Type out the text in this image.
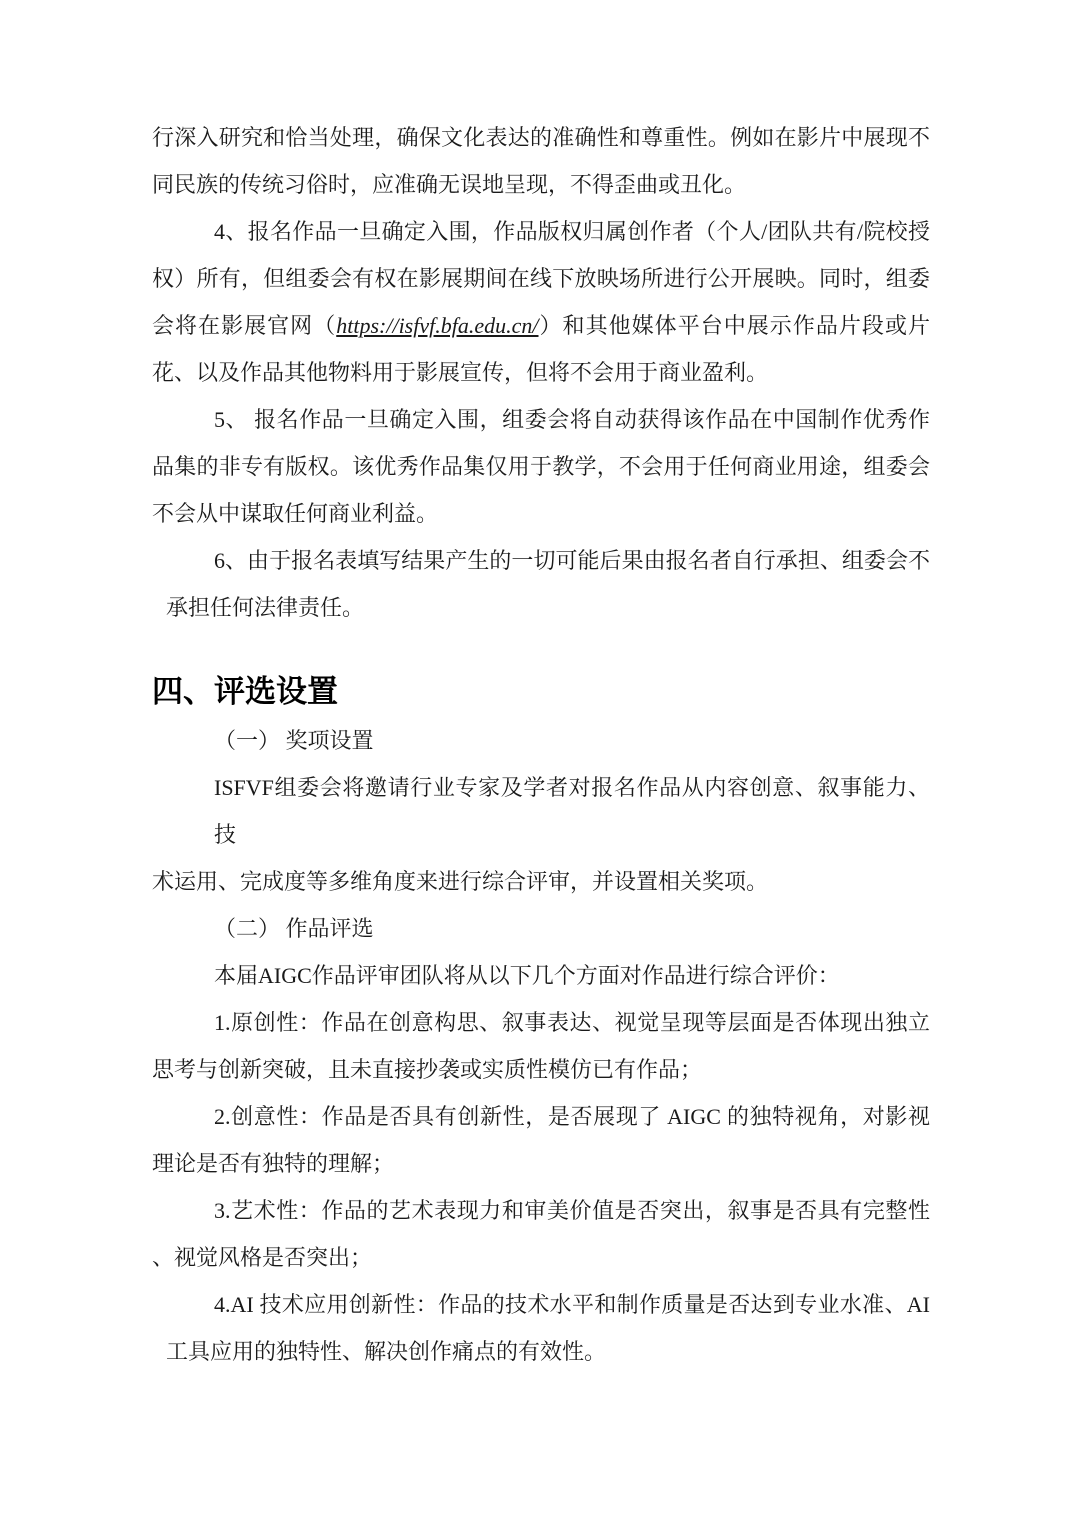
行深入研究和恰当处理，确保文化表达的准确性和尊重性。例如在影片中展现不
同民族的传统习俗时，应准确无误地呈现，不得歪曲或丑化。

4、报名作品一旦确定入围，作品版权归属创作者（个人/团队共有/院校授
权）所有，但组委会有权在影展期间在线下放映场所进行公开展映。同时，组委
会将在影展官网（https://isfvf.bfa.edu.cn/）和其他媒体平台中展示作品片段或片
花、以及作品其他物料用于影展宣传，但将不会用于商业盈利。

5、 报名作品一旦确定入围，组委会将自动获得该作品在中国制作优秀作
品集的非专有版权。该优秀作品集仅用于教学，不会用于任何商业用途，组委会
不会从中谋取任何商业利益。

6、由于报名表填写结果产生的一切可能后果由报名者自行承担、组委会不
承担任何法律责任。

四、评选设置

（一） 奖项设置

ISFVF组委会将邀请行业专家及学者对报名作品从内容创意、叙事能力、技
术运用、完成度等多维角度来进行综合评审，并设置相关奖项。

（二） 作品评选

本届AIGC作品评审团队将从以下几个方面对作品进行综合评价：

1.原创性：作品在创意构思、叙事表达、视觉呈现等层面是否体现出独立
思考与创新突破，且未直接抄袭或实质性模仿已有作品；

2.创意性：作品是否具有创新性，是否展现了 AIGC 的独特视角，对影视
理论是否有独特的理解；

3.艺术性：作品的艺术表现力和审美价值是否突出，叙事是否具有完整性
、视觉风格是否突出；

4.AI 技术应用创新性：作品的技术水平和制作质量是否达到专业水准、AI
工具应用的独特性、解决创作痛点的有效性。
